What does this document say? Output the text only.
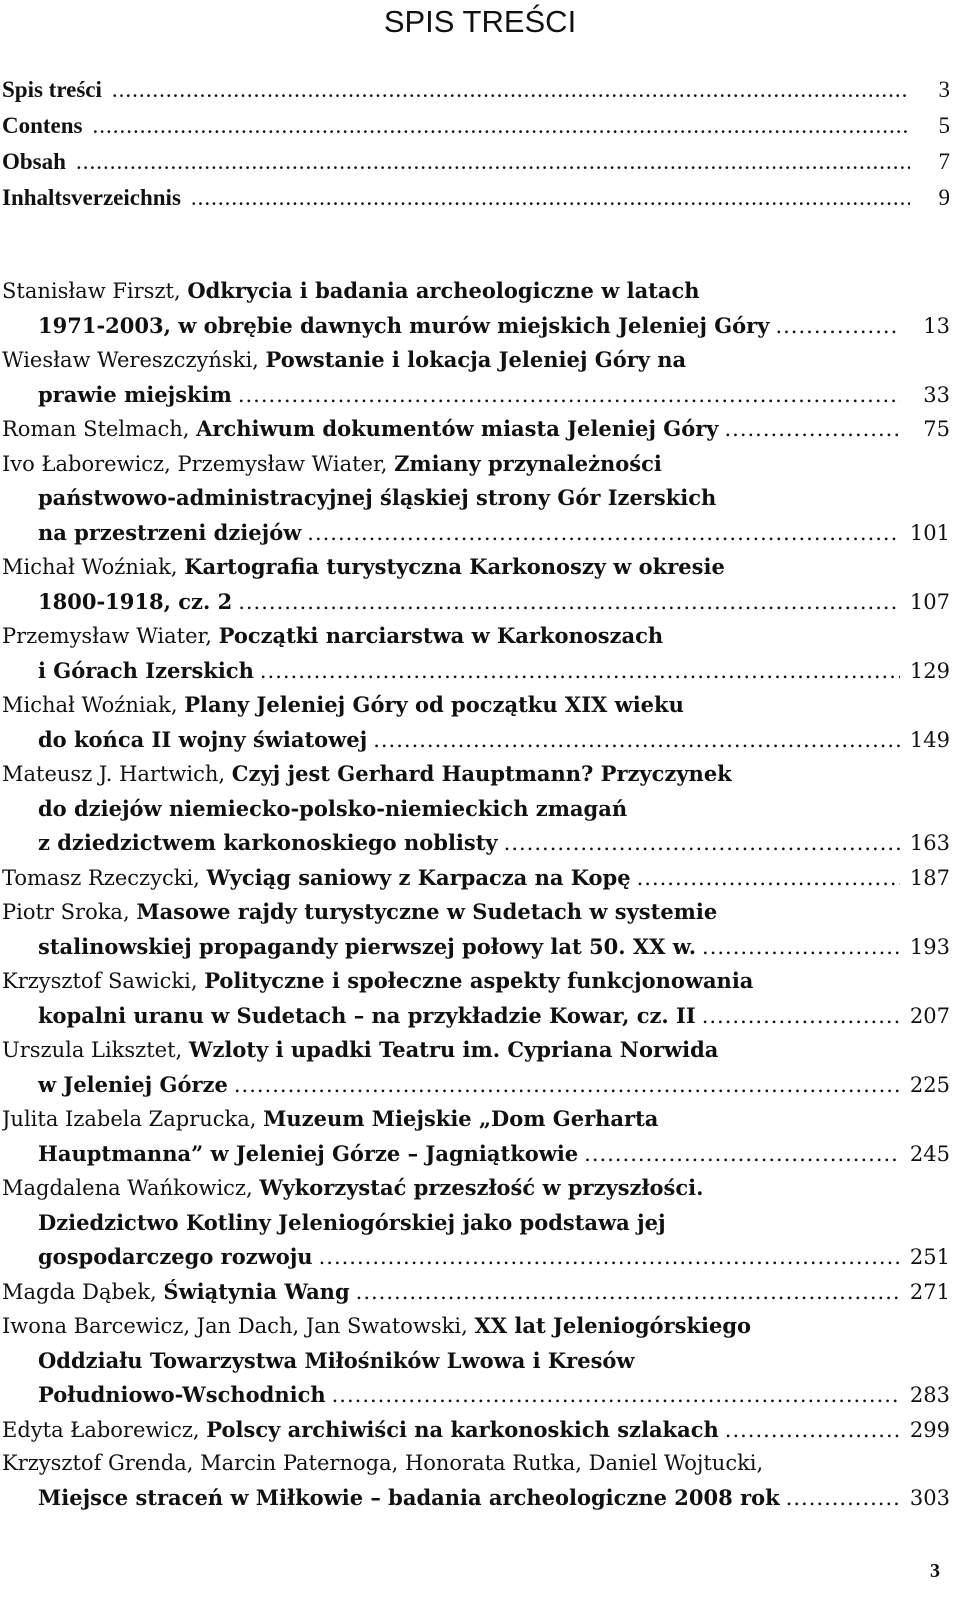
SPIS TREŚCI
Spis treści .....	3
Contens .....	5
Obsah .....	7
Inhaltsverzeichnis .....	9
Stanisław Firszt, Odkrycia i badania archeologiczne w latach
1971-2003, w obrębie dawnych murów miejskich Jeleniej Góry .....	13
Wiesław Wereszczyński, Powstanie i lokacja Jeleniej Góry na
prawie miejskim .....	33
Roman Stelmach, Archiwum dokumentów miasta Jeleniej Góry .....	75
Ivo Łaborewicz, Przemysław Wiater, Zmiany przynależności
państwowo-administracyjnej śląskiej strony Gór Izerskich
na przestrzeni dziejów .....	101
Michał Woźniak, Kartografia turystyczna Karkonoszy w okresie
1800-1918, cz. 2 .....	107
Przemysław Wiater, Początki narciarstwa w Karkonoszach
i Górach Izerskich .....	129
Michał Woźniak, Plany Jeleniej Góry od początku XIX wieku
do końca II wojny światowej .....	149
Mateusz J. Hartwich, Czyj jest Gerhard Hauptmann? Przyczynek
do dziejów niemiecko-polsko-niemieckich zmagań
z dziedzictwem karkonoskiego noblisty .....	163
Tomasz Rzeczycki, Wyciąg saniowy z Karpacza na Kopę .....	187
Piotr Sroka, Masowe rajdy turystyczne w Sudetach w systemie
stalinowskiej propagandy pierwszej połowy lat 50. XX w. .....	193
Krzysztof Sawicki, Polityczne i społeczne aspekty funkcjonowania
kopalni uranu w Sudetach – na przykładzie Kowar, cz. II .....	207
Urszula Liksztet, Wzloty i upadki Teatru im. Cypriana Norwida
w Jeleniej Górze .....	225
Julita Izabela Zaprucka, Muzeum Miejskie „Dom Gerharta
Hauptmanna” w Jeleniej Górze – Jagniątkowie .....	245
Magdalena Wańkowicz, Wykorzystać przeszłość w przyszłości.
Dziedzictwo Kotliny Jeleniogórskiej jako podstawa jej
gospodarczego rozwoju .....	251
Magda Dąbek, Świątynia Wang .....	271
Iwona Barcewicz, Jan Dach, Jan Swatowski, XX lat Jeleniogórskiego
Oddziału Towarzystwa Miłośników Lwowa i Kresów
Południowo-Wschodnich .....	283
Edyta Łaborewicz, Polscy archiwiści na karkonoskich szlakach .....	299
Krzysztof Grenda, Marcin Paternoga, Honorata Rutka, Daniel Wojtucki,
Miejsce straceń w Miłkowie – badania archeologiczne 2008 rok .....	303
3
